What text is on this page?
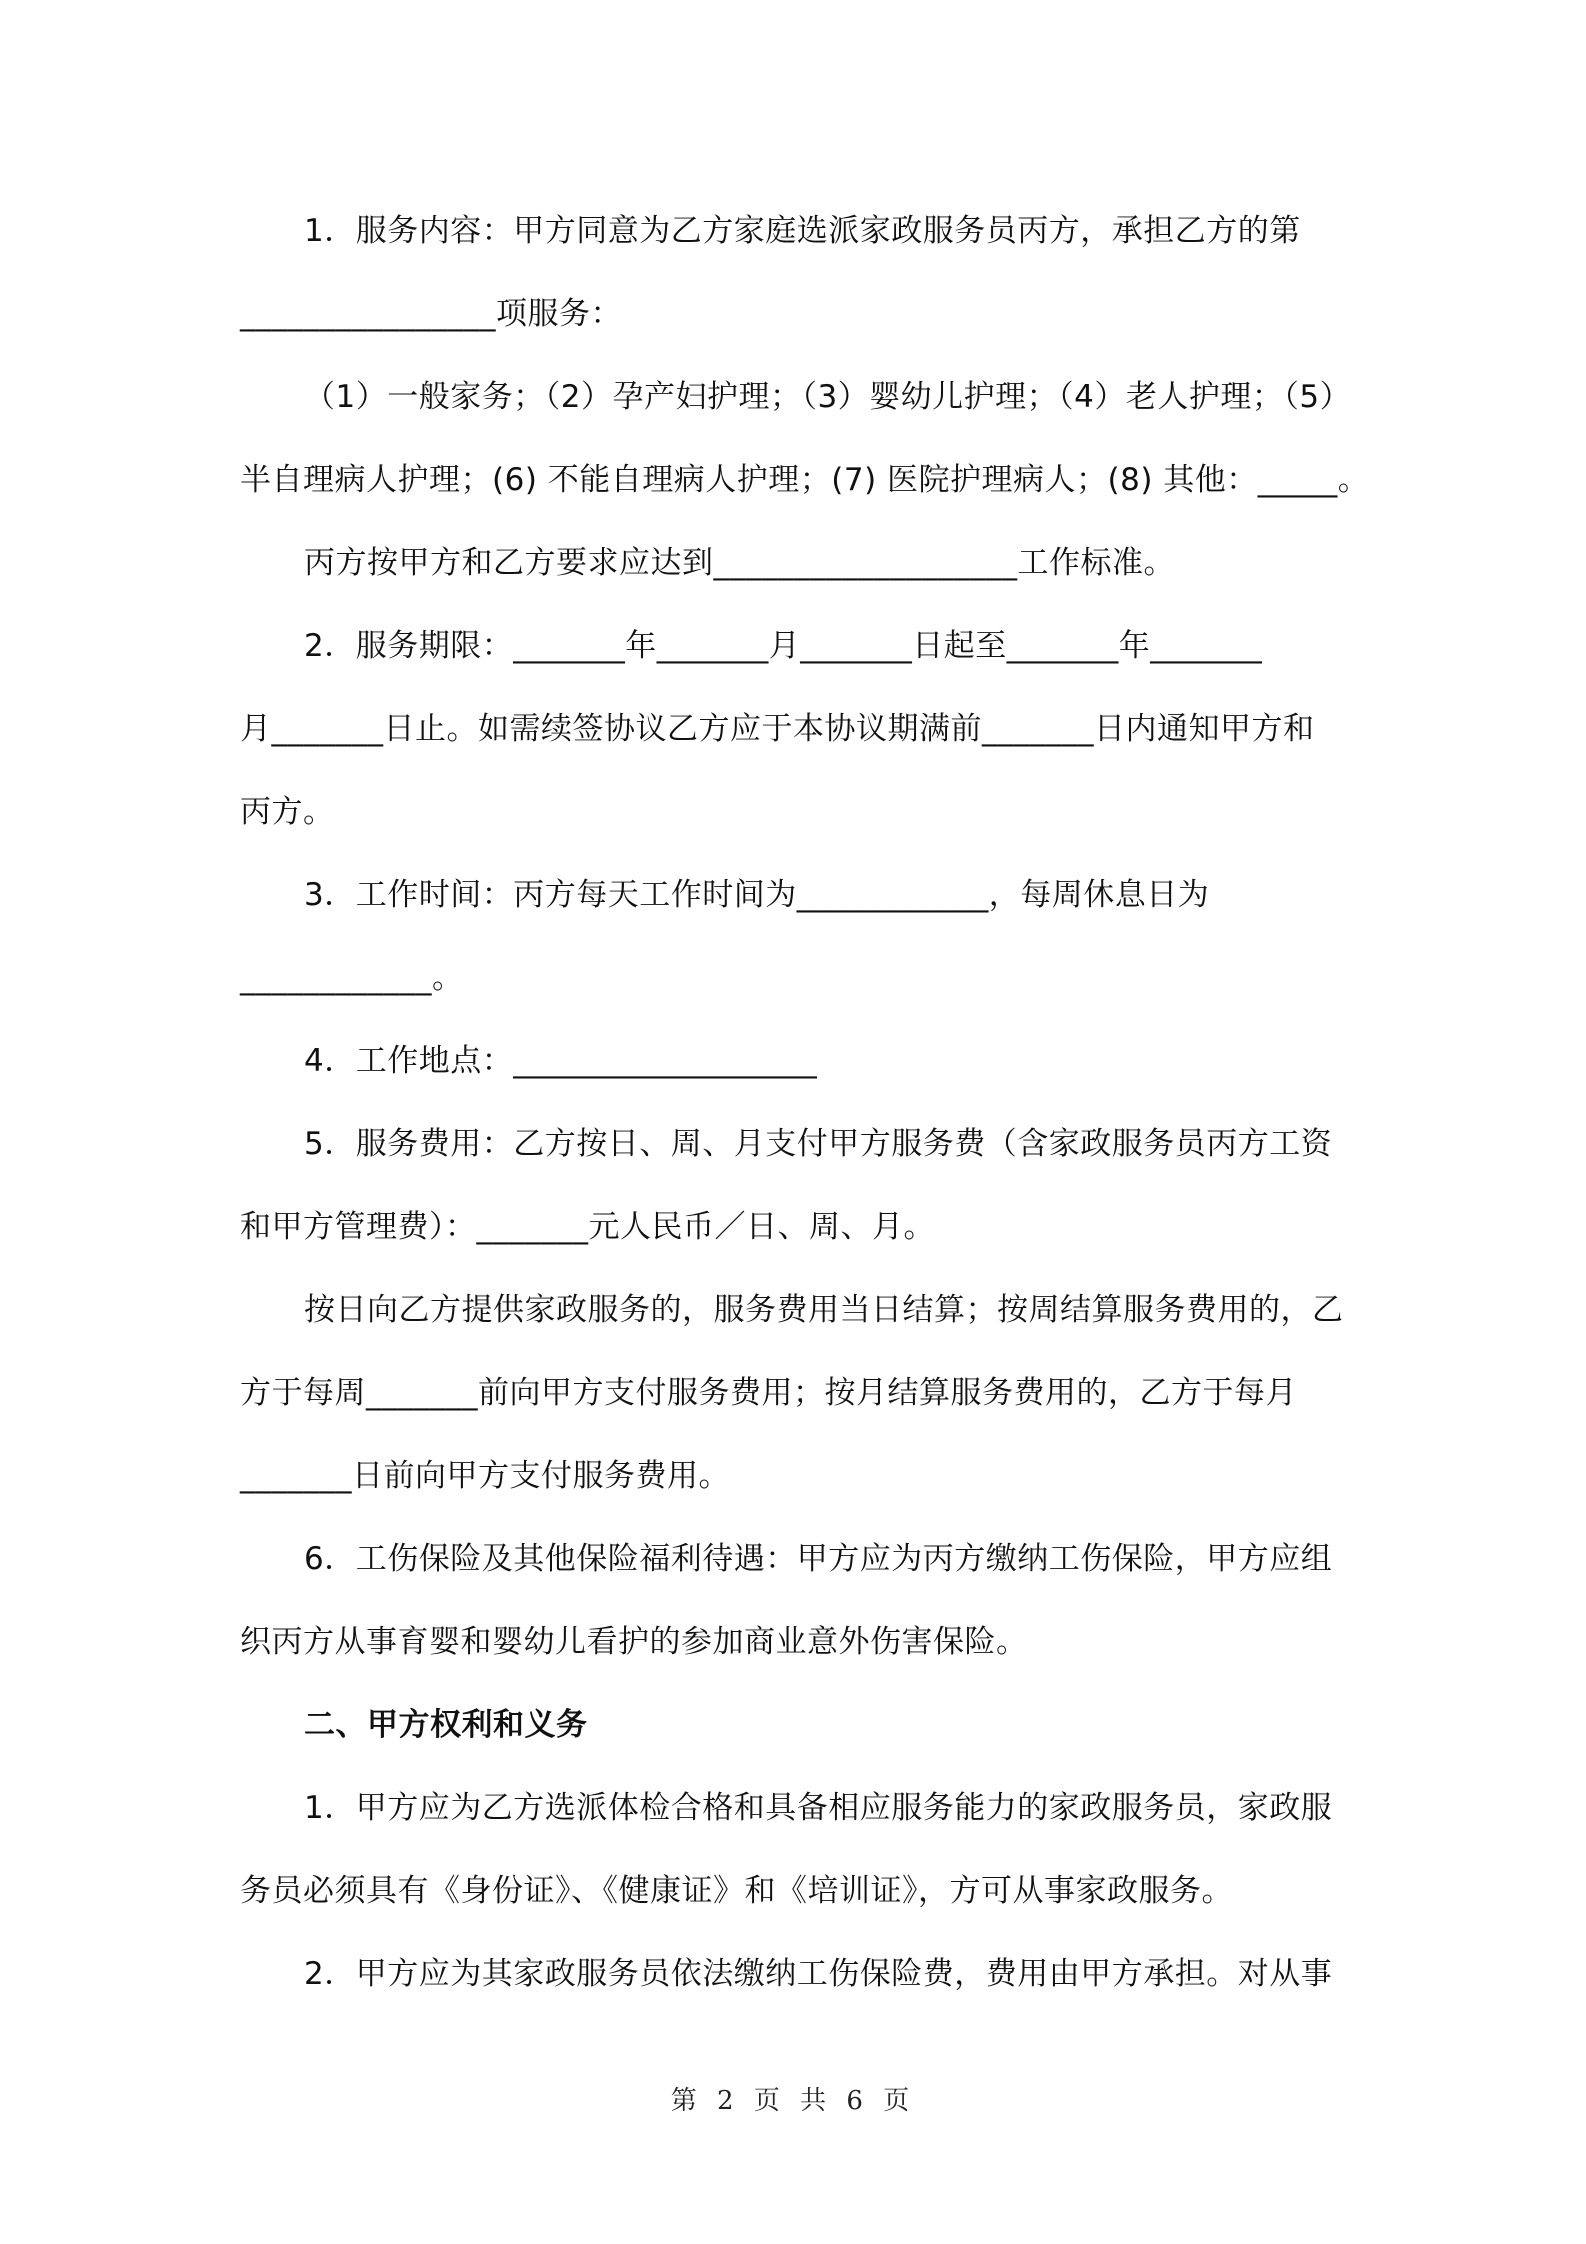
1．服务内容：甲方同意为乙方家庭选派家政服务员丙方，承担乙方的第
________________项服务：
（1）一般家务；（2）孕产妇护理；（3）婴幼儿护理；（4）老人护理；（5）
半自理病人护理；(6) 不能自理病人护理；(7) 医院护理病人；(8) 其他：_____。
丙方按甲方和乙方要求应达到___________________工作标准。
2．服务期限：_______年_______月_______日起至_______年_______
月_______日止。如需续签协议乙方应于本协议期满前_______日内通知甲方和
丙方。
3．工作时间：丙方每天工作时间为____________，每周休息日为
____________。
4．工作地点：___________________
5．服务费用：乙方按日、周、月支付甲方服务费（含家政服务员丙方工资
和甲方管理费）：_______元人民币／日、周、月。
按日向乙方提供家政服务的，服务费用当日结算；按周结算服务费用的，乙
方于每周_______前向甲方支付服务费用；按月结算服务费用的，乙方于每月
_______日前向甲方支付服务费用。
6．工伤保险及其他保险福利待遇：甲方应为丙方缴纳工伤保险，甲方应组
织丙方从事育婴和婴幼儿看护的参加商业意外伤害保险。
二、甲方权利和义务
1．甲方应为乙方选派体检合格和具备相应服务能力的家政服务员，家政服
务员必须具有《身份证》、《健康证》和《培训证》，方可从事家政服务。
2．甲方应为其家政服务员依法缴纳工伤保险费，费用由甲方承担。对从事
第 2 页 共 6 页
